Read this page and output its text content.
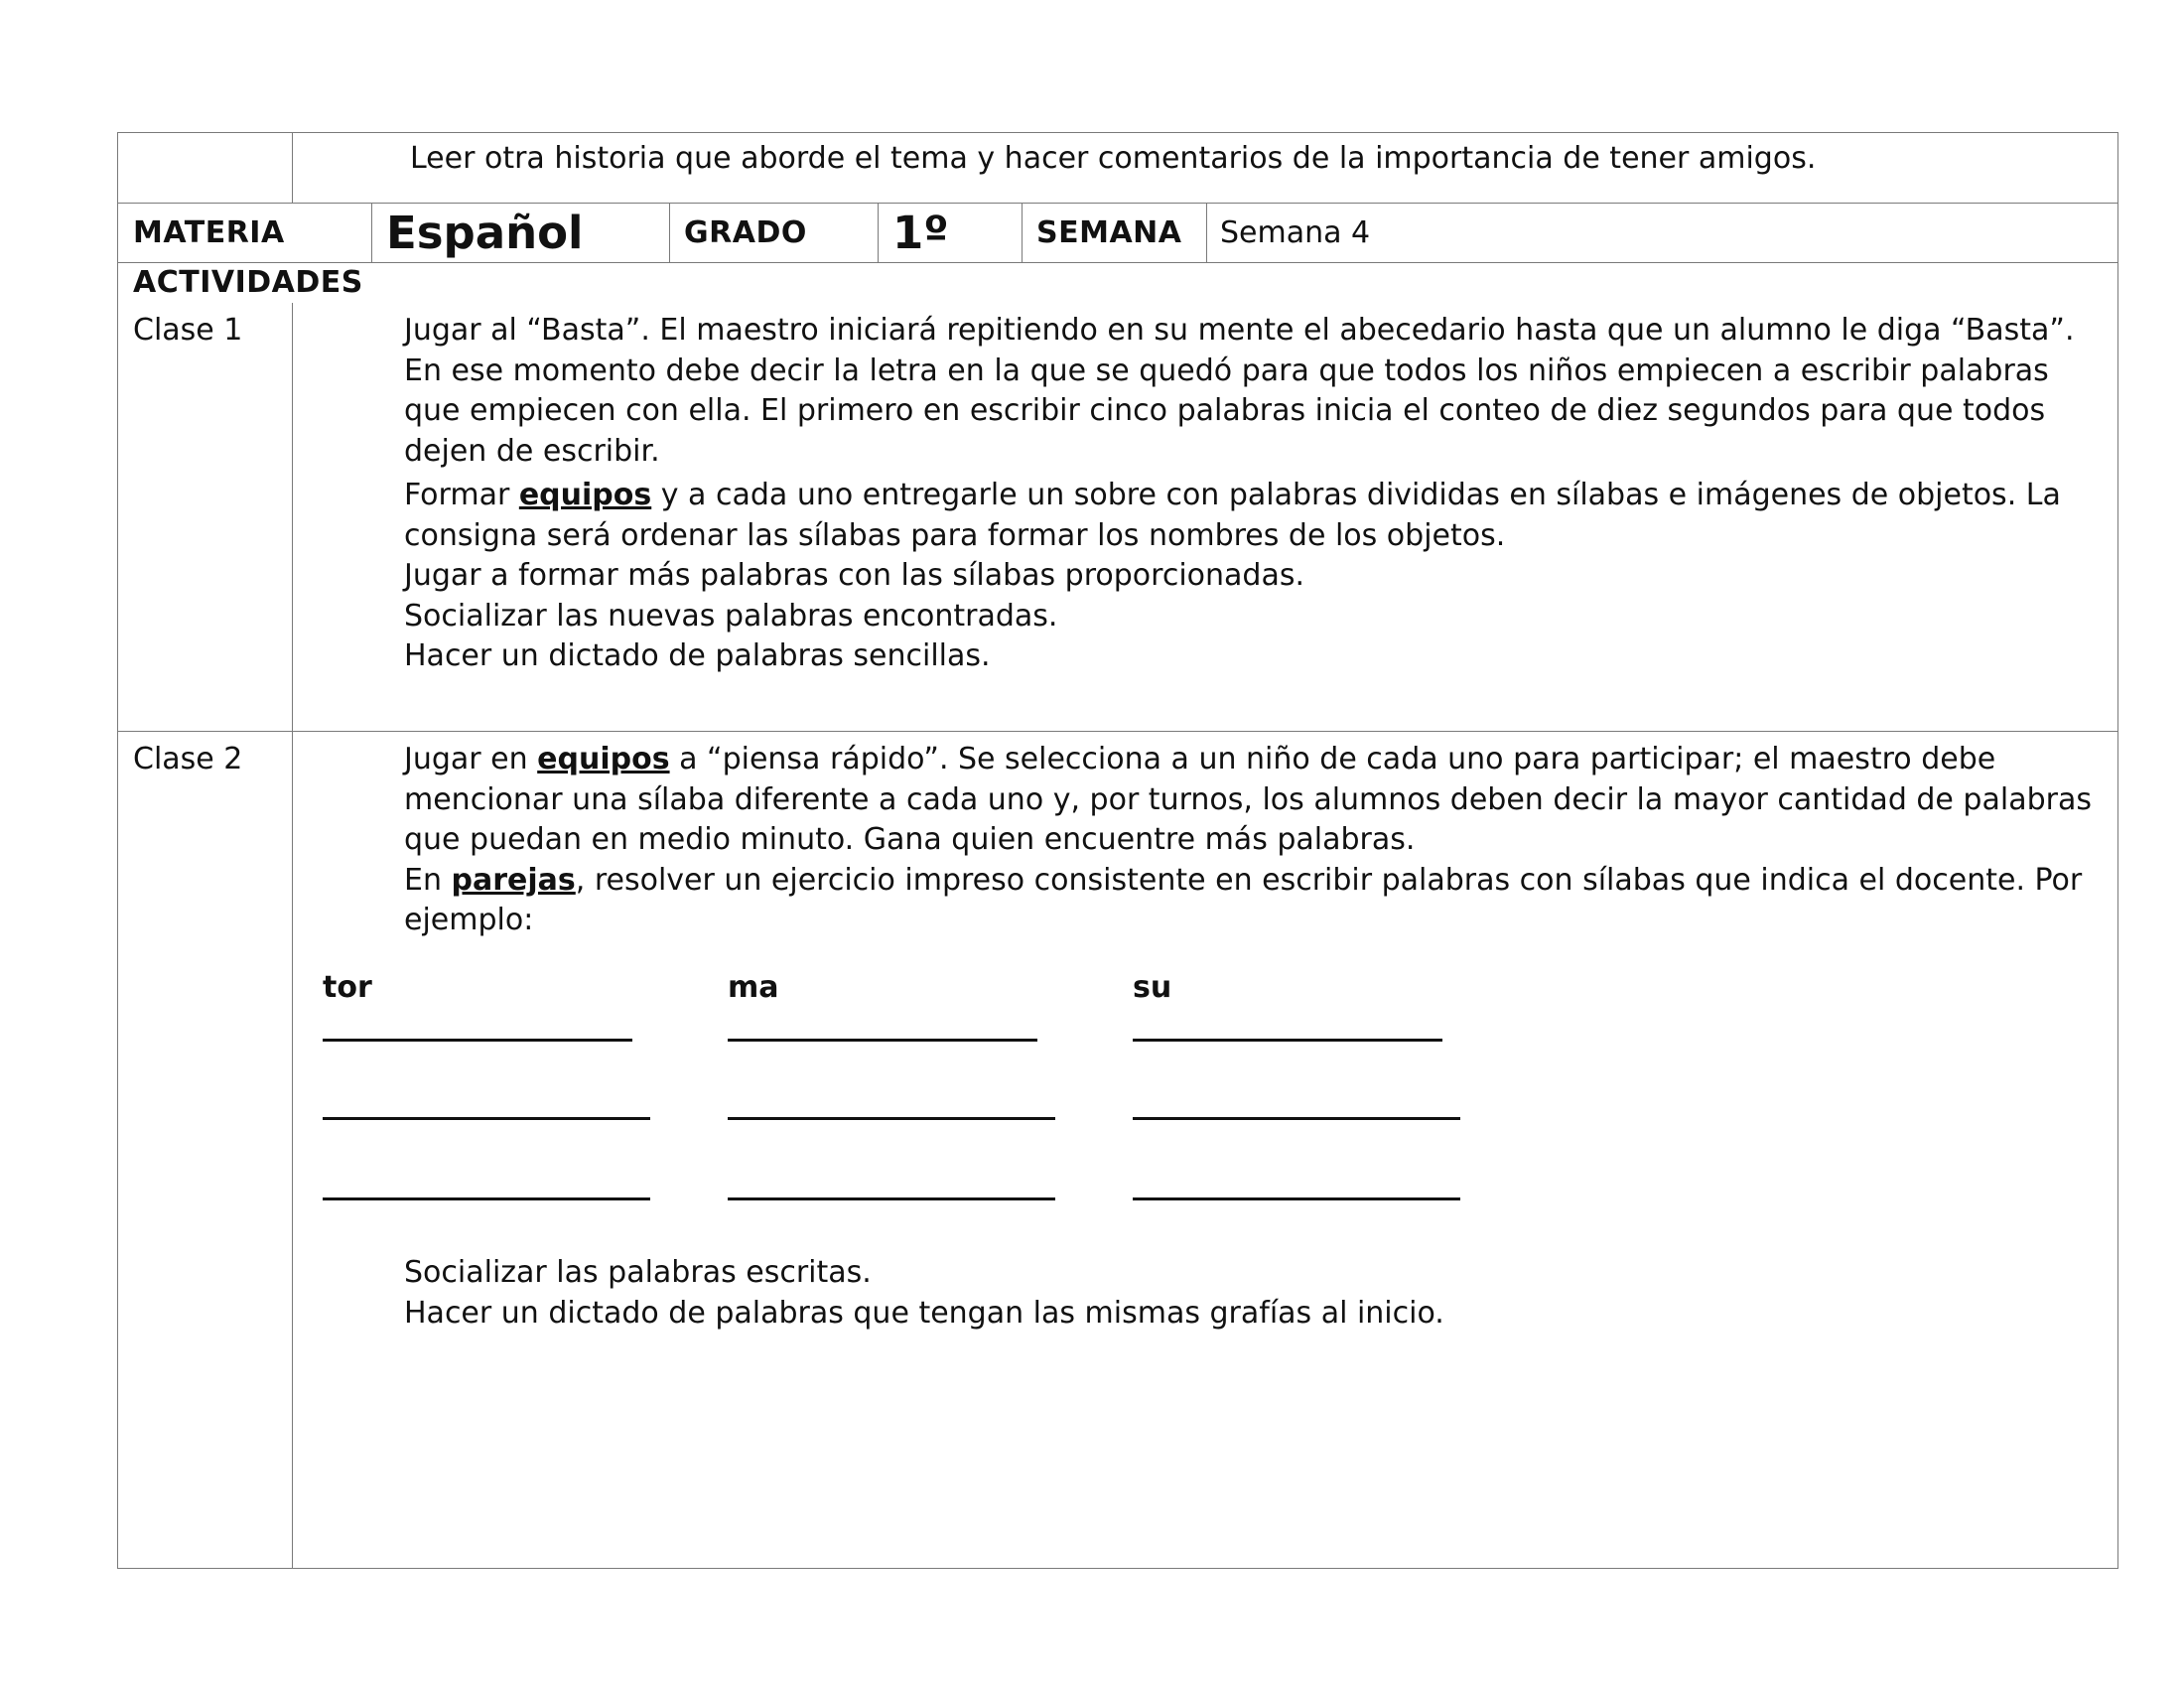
Leer otra historia que aborde el tema y hacer comentarios de la importancia de tener amigos.
MATERIA Español	GRADO 1º	SEMANA Semana 4
ACTIVIDADES
Clase 1	Jugar al “Basta”. El maestro iniciará repitiendo en su mente el abecedario hasta que un alumno le diga “Basta”. En ese momento debe decir la letra en la que se quedó para que todos los niños empiecen a escribir palabras que empiecen con ella. El primero en escribir cinco palabras inicia el conteo de diez segundos para que todos dejen de escribir.

Formar equipos y a cada uno entregarle un sobre con palabras divididas en sílabas e imágenes de objetos. La consigna será ordenar las sílabas para formar los nombres de los objetos.

Jugar a formar más palabras con las sílabas proporcionadas.

Socializar las nuevas palabras encontradas.

Hacer un dictado de palabras sencillas.

Clase 2	Jugar en equipos a “piensa rápido”. Se selecciona a un niño de cada uno para participar; el maestro debe mencionar una sílaba diferente a cada uno y, por turnos, los alumnos deben decir la mayor cantidad de palabras que puedan en medio minuto. Gana quien encuentre más palabras.

En parejas, resolver un ejercicio impreso consistente en escribir palabras con sílabas que indica el docente. Por ejemplo:

tor	ma	su

Socializar las palabras escritas.

Hacer un dictado de palabras que tengan las mismas grafías al inicio.
